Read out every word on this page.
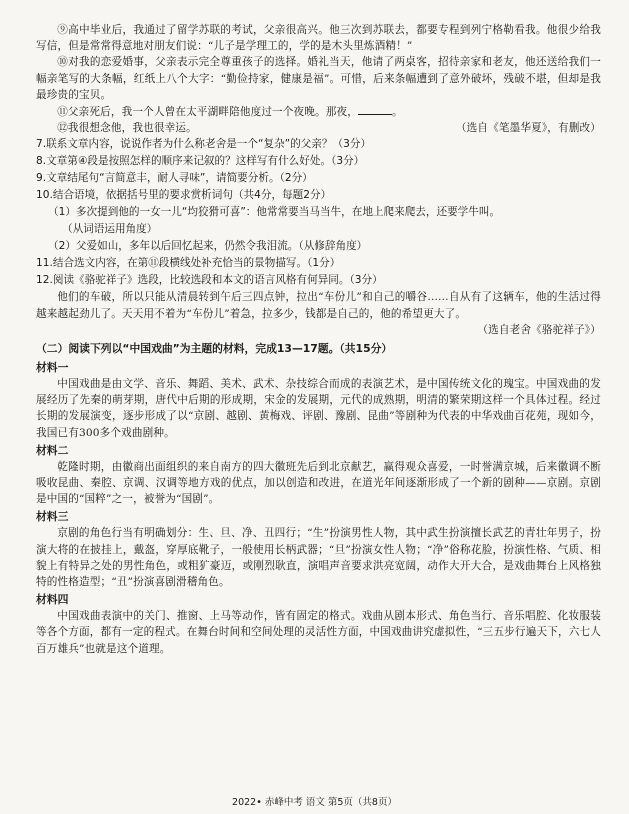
⑨高中毕业后，我通过了留学苏联的考试，父亲很高兴。他三次到苏联去，都要专程到列宁格勒看我。他很少给我写信，但是常常得意地对朋友们说：“儿子是学理工的，学的是木头里炼酒精！”

⑩对我的恋爱婚事，父亲表示完全尊重孩子的选择。婚礼当天，他请了两桌客，招待亲家和老友，他还送给我们一幅亲笔写的大条幅，红纸上八个大字：“勤俭持家，健康是福”。可惜，后来条幅遭到了意外破坏，残破不堪，但却是我最珍贵的宝贝。

⑪父亲死后，我一个人曾在太平湖畔陪他度过一个夜晚。那夜，	。

⑫我很想念他，我也很幸运。	（选自《笔墨华夏》，有删改）

7.联系文章内容，说说作者为什么称老舍是一个“复杂”的父亲？（3分）

8.文章第④段是按照怎样的顺序来记叙的？这样写有什么好处。（3分）

9.文章结尾句“言简意丰，耐人寻味”，请简要分析。（2分）

10.结合语境，依据括号里的要求赏析词句（共4分，每题2分）

（1）多次提到他的一女一儿“均狡猾可喜”：他常常要当马当牛，在地上爬来爬去，还要学牛叫。

（从词语运用角度）

（2）父爱如山，多年以后回忆起来，仍然令我泪流。（从修辞角度）

11.结合选文内容，在第⑪段横线处补充恰当的景物描写。（1分）

12.阅读《骆驼祥子》选段，比较选段和本文的语言风格有何异同。（3分）

他们的车破，所以只能从清晨转到午后三四点钟，拉出“车份儿”和自己的嚼谷……自从有了这辆车，他的生活过得越来越起劲儿了。天天用不着为“车份儿”着急，拉多少，钱都是自己的，他的希望更大了。

（选自老舍《骆驼祥子》）

（二）阅读下列以“中国戏曲”为主题的材料，完成13—17题。（共15分）

材料一

中国戏曲是由文学、音乐、舞蹈、美术、武术、杂技综合而成的表演艺术，是中国传统文化的瑰宝。中国戏曲的发展经历了先秦的萌芽期，唐代中后期的形成期，宋金的发展期，元代的成熟期，明清的繁荣期这样一个具体过程。经过长期的发展演变，逐步形成了以“京剧、越剧、黄梅戏、评剧、豫剧、昆曲”等剧种为代表的中华戏曲百花苑，现如今，我国已有300多个戏曲剧种。

材料二

乾隆时期，由徽商出面组织的来自南方的四大徽班先后到北京献艺，赢得观众喜爱，一时誉满京城，后来徽调不断吸收昆曲、秦腔、京调、汉调等地方戏的优点，加以创造和改进，在道光年间逐渐形成了一个新的剧种——京剧。京剧是中国的“国粹”之一，被誉为“国剧”。

材料三

京剧的角色行当有明确划分：生、旦、净、丑四行；“生”扮演男性人物，其中武生扮演擅长武艺的青壮年男子，扮演大将的在披挂上，戴盔，穿厚底靴子，一般使用长柄武器；“旦”扮演女性人物；“净”俗称花脸，扮演性格、气质、相貌上有特异之处的男性角色，或粗犷豪迈，或刚烈耿直，演唱声音要求洪亮宽阔，动作大开大合，是戏曲舞台上风格独特的性格造型；“丑”扮演喜剧滑稽角色。

材料四

中国戏曲表演中的关门、推窗、上马等动作，皆有固定的格式。戏曲从剧本形式、角色当行、音乐唱腔、化妆服装等各个方面，都有一定的程式。在舞台时间和空间处理的灵活性方面，中国戏曲讲究虚拟性，“三五步行遍天下，六七人百万雄兵”也就是这个道理。

2022• 赤峰中考 语文 第5页（共8页）
